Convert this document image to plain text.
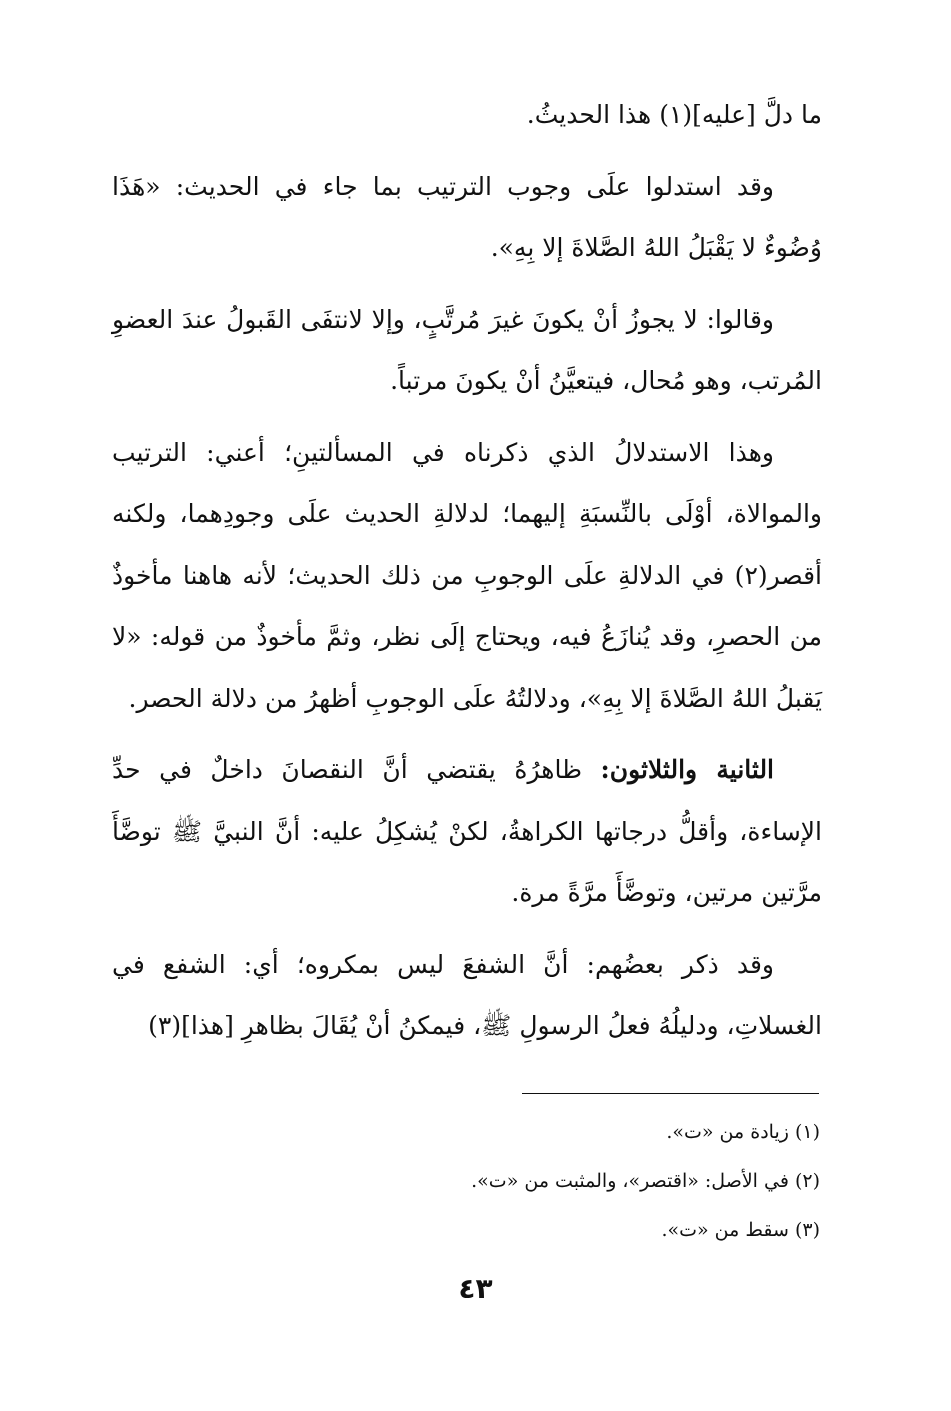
ما دلَّ [عليه](١) هذا الحديثُ.

وقد استدلوا علَى وجوب الترتيب بما جاء في الحديث: «هَذَا وُضُوءٌ لا يَقْبَلُ اللهُ الصَّلاةَ إلا بِهِ».

وقالوا: لا يجوزُ أنْ يكونَ غيرَ مُرتَّبٍ، وإلا لانتفَى القَبولُ عندَ العضوِ المُرتب، وهو مُحال، فيتعيَّنُ أنْ يكونَ مرتباً.

وهذا الاستدلالُ الذي ذكرناه في المسألتينِ؛ أعني: الترتيب والموالاة، أوْلَى بالنِّسبَةِ إليهما؛ لدلالةِ الحديث علَى وجودِهما، ولكنه أقصر(٢) في الدلالةِ علَى الوجوبِ من ذلك الحديث؛ لأنه هاهنا مأخوذٌ من الحصرِ، وقد يُنازَعُ فيه، ويحتاج إلَى نظر، وثمَّ مأخوذٌ من قوله: «لا يَقبلُ اللهُ الصَّلاةَ إلا بِهِ»، ودلالتُهُ علَى الوجوبِ أظهرُ من دلالة الحصر.

الثانية والثلاثون: ظاهرُهُ يقتضي أنَّ النقصانَ داخلٌ في حدِّ الإساءة، وأقلُّ درجاتها الكراهةُ، لكنْ يُشكِلُ عليه: أنَّ النبيَّ ﷺ توضَّأَ مرَّتين مرتين، وتوضَّأَ مرَّةً مرة.

وقد ذكر بعضُهم: أنَّ الشفعَ ليس بمكروه؛ أي: الشفع في الغسلاتِ، ودليلُهُ فعلُ الرسولِ ﷺ، فيمكنُ أنْ يُقَالَ بظاهرِ [هذا](٣)

(١) زيادة من «ت».

(٢) في الأصل: «اقتصر»، والمثبت من «ت».

(٣) سقط من «ت».

٤٣
